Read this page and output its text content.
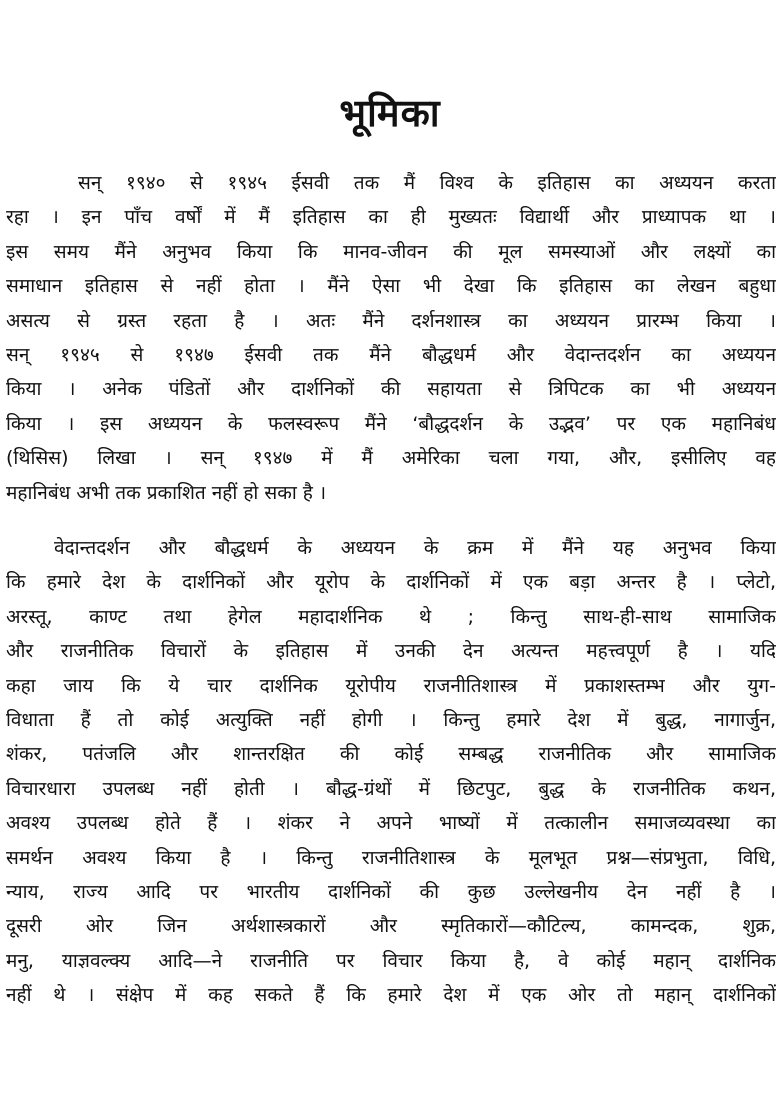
भूमिका
सन् १९४० से १९४५ ईसवी तक मैं विश्व के इतिहास का अध्ययन करता
रहा । इन पाँच वर्षों में मैं इतिहास का ही मुख्यतः विद्यार्थी और प्राध्यापक था ।
इस समय मैंने अनुभव किया कि मानव-जीवन की मूल समस्याओं और लक्ष्यों का
समाधान इतिहास से नहीं होता । मैंने ऐसा भी देखा कि इतिहास का लेखन बहुधा
असत्य से ग्रस्त रहता है । अतः मैंने दर्शनशास्त्र का अध्ययन प्रारम्भ किया ।
सन् १९४५ से १९४७ ईसवी तक मैंने बौद्धधर्म और वेदान्तदर्शन का अध्ययन
किया । अनेक पंडितों और दार्शनिकों की सहायता से त्रिपिटक का भी अध्ययन
किया । इस अध्ययन के फलस्वरूप मैंने ‘बौद्धदर्शन के उद्भव’ पर एक महानिबंध
(थिसिस) लिखा । सन् १९४७ में मैं अमेरिका चला गया, और, इसीलिए वह
महानिबंध अभी तक प्रकाशित नहीं हो सका है ।
वेदान्तदर्शन और बौद्धधर्म के अध्ययन के क्रम में मैंने यह अनुभव किया
कि हमारे देश के दार्शनिकों और यूरोप के दार्शनिकों में एक बड़ा अन्तर है । प्लेटो,
अरस्तू, काण्ट तथा हेगेल महादार्शनिक थे ; किन्तु साथ-ही-साथ सामाजिक
और राजनीतिक विचारों के इतिहास में उनकी देन अत्यन्त महत्त्वपूर्ण है । यदि
कहा जाय कि ये चार दार्शनिक यूरोपीय राजनीतिशास्त्र में प्रकाशस्तम्भ और युग-
विधाता हैं तो कोई अत्युक्ति नहीं होगी । किन्तु हमारे देश में बुद्ध, नागार्जुन,
शंकर, पतंजलि और शान्तरक्षित की कोई सम्बद्ध राजनीतिक और सामाजिक
विचारधारा उपलब्ध नहीं होती । बौद्ध-ग्रंथों में छिटपुट, बुद्ध के राजनीतिक कथन,
अवश्य उपलब्ध होते हैं । शंकर ने अपने भाष्यों में तत्कालीन समाजव्यवस्था का
समर्थन अवश्य किया है । किन्तु राजनीतिशास्त्र के मूलभूत प्रश्न—संप्रभुता, विधि,
न्याय, राज्य आदि पर भारतीय दार्शनिकों की कुछ उल्लेखनीय देन नहीं है ।
दूसरी ओर जिन अर्थशास्त्रकारों और स्मृतिकारों—कौटिल्य, कामन्दक, शुक्र,
मनु, याज्ञवल्क्य आदि—ने राजनीति पर विचार किया है, वे कोई महान् दार्शनिक
नहीं थे । संक्षेप में कह सकते हैं कि हमारे देश में एक ओर तो महान् दार्शनिकों
